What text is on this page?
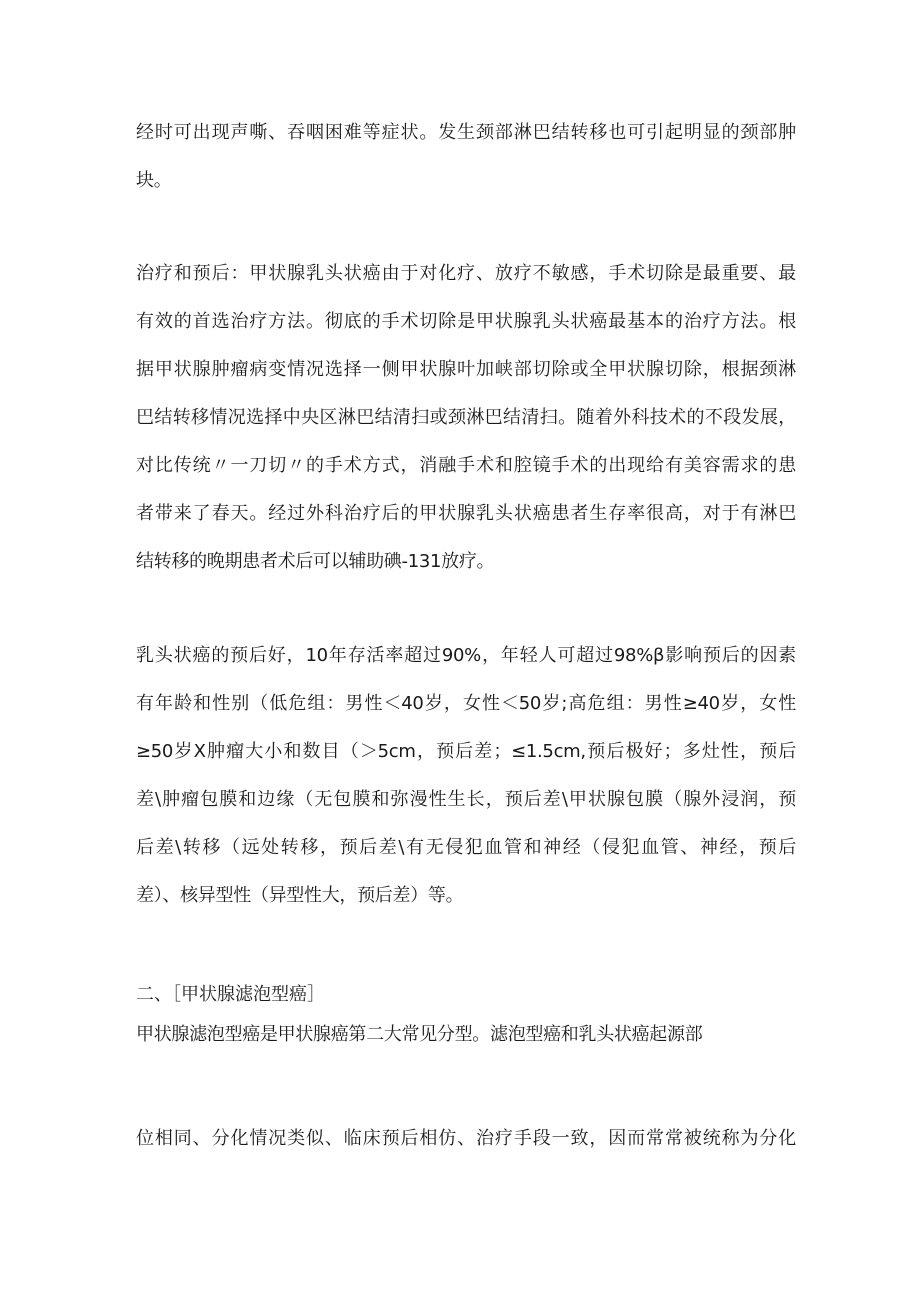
经时可出现声嘶、吞咽困难等症状。发生颈部淋巴结转移也可引起明显的颈部肿
块。
治疗和预后：甲状腺乳头状癌由于对化疗、放疗不敏感，手术切除是最重要、最
有效的首选治疗方法。彻底的手术切除是甲状腺乳头状癌最基本的治疗方法。根
据甲状腺肿瘤病变情况选择一侧甲状腺叶加峡部切除或全甲状腺切除，根据颈淋
巴结转移情况选择中央区淋巴结清扫或颈淋巴结清扫。随着外科技术的不段发展，
对比传统〃一刀切〃的手术方式，消融手术和腔镜手术的出现给有美容需求的患
者带来了春天。经过外科治疗后的甲状腺乳头状癌患者生存率很高，对于有淋巴
结转移的晚期患者术后可以辅助碘-131放疗。
乳头状癌的预后好，10年存活率超过90%，年轻人可超过98%β影响预后的因素
有年龄和性别（低危组：男性＜40岁，女性＜50岁;高危组：男性≥40岁，女性
≥50岁X肿瘤大小和数目（＞5cm，预后差；≤1.5cm,预后极好；多灶性，预后
差\肿瘤包膜和边缘（无包膜和弥漫性生长，预后差\甲状腺包膜（腺外浸润，预
后差\转移（远处转移，预后差\有无侵犯血管和神经（侵犯血管、神经，预后
差）、核异型性（异型性大，预后差）等。
二、［甲状腺滤泡型癌］
甲状腺滤泡型癌是甲状腺癌第二大常见分型。滤泡型癌和乳头状癌起源部
位相同、分化情况类似、临床预后相仿、治疗手段一致，因而常常被统称为分化
